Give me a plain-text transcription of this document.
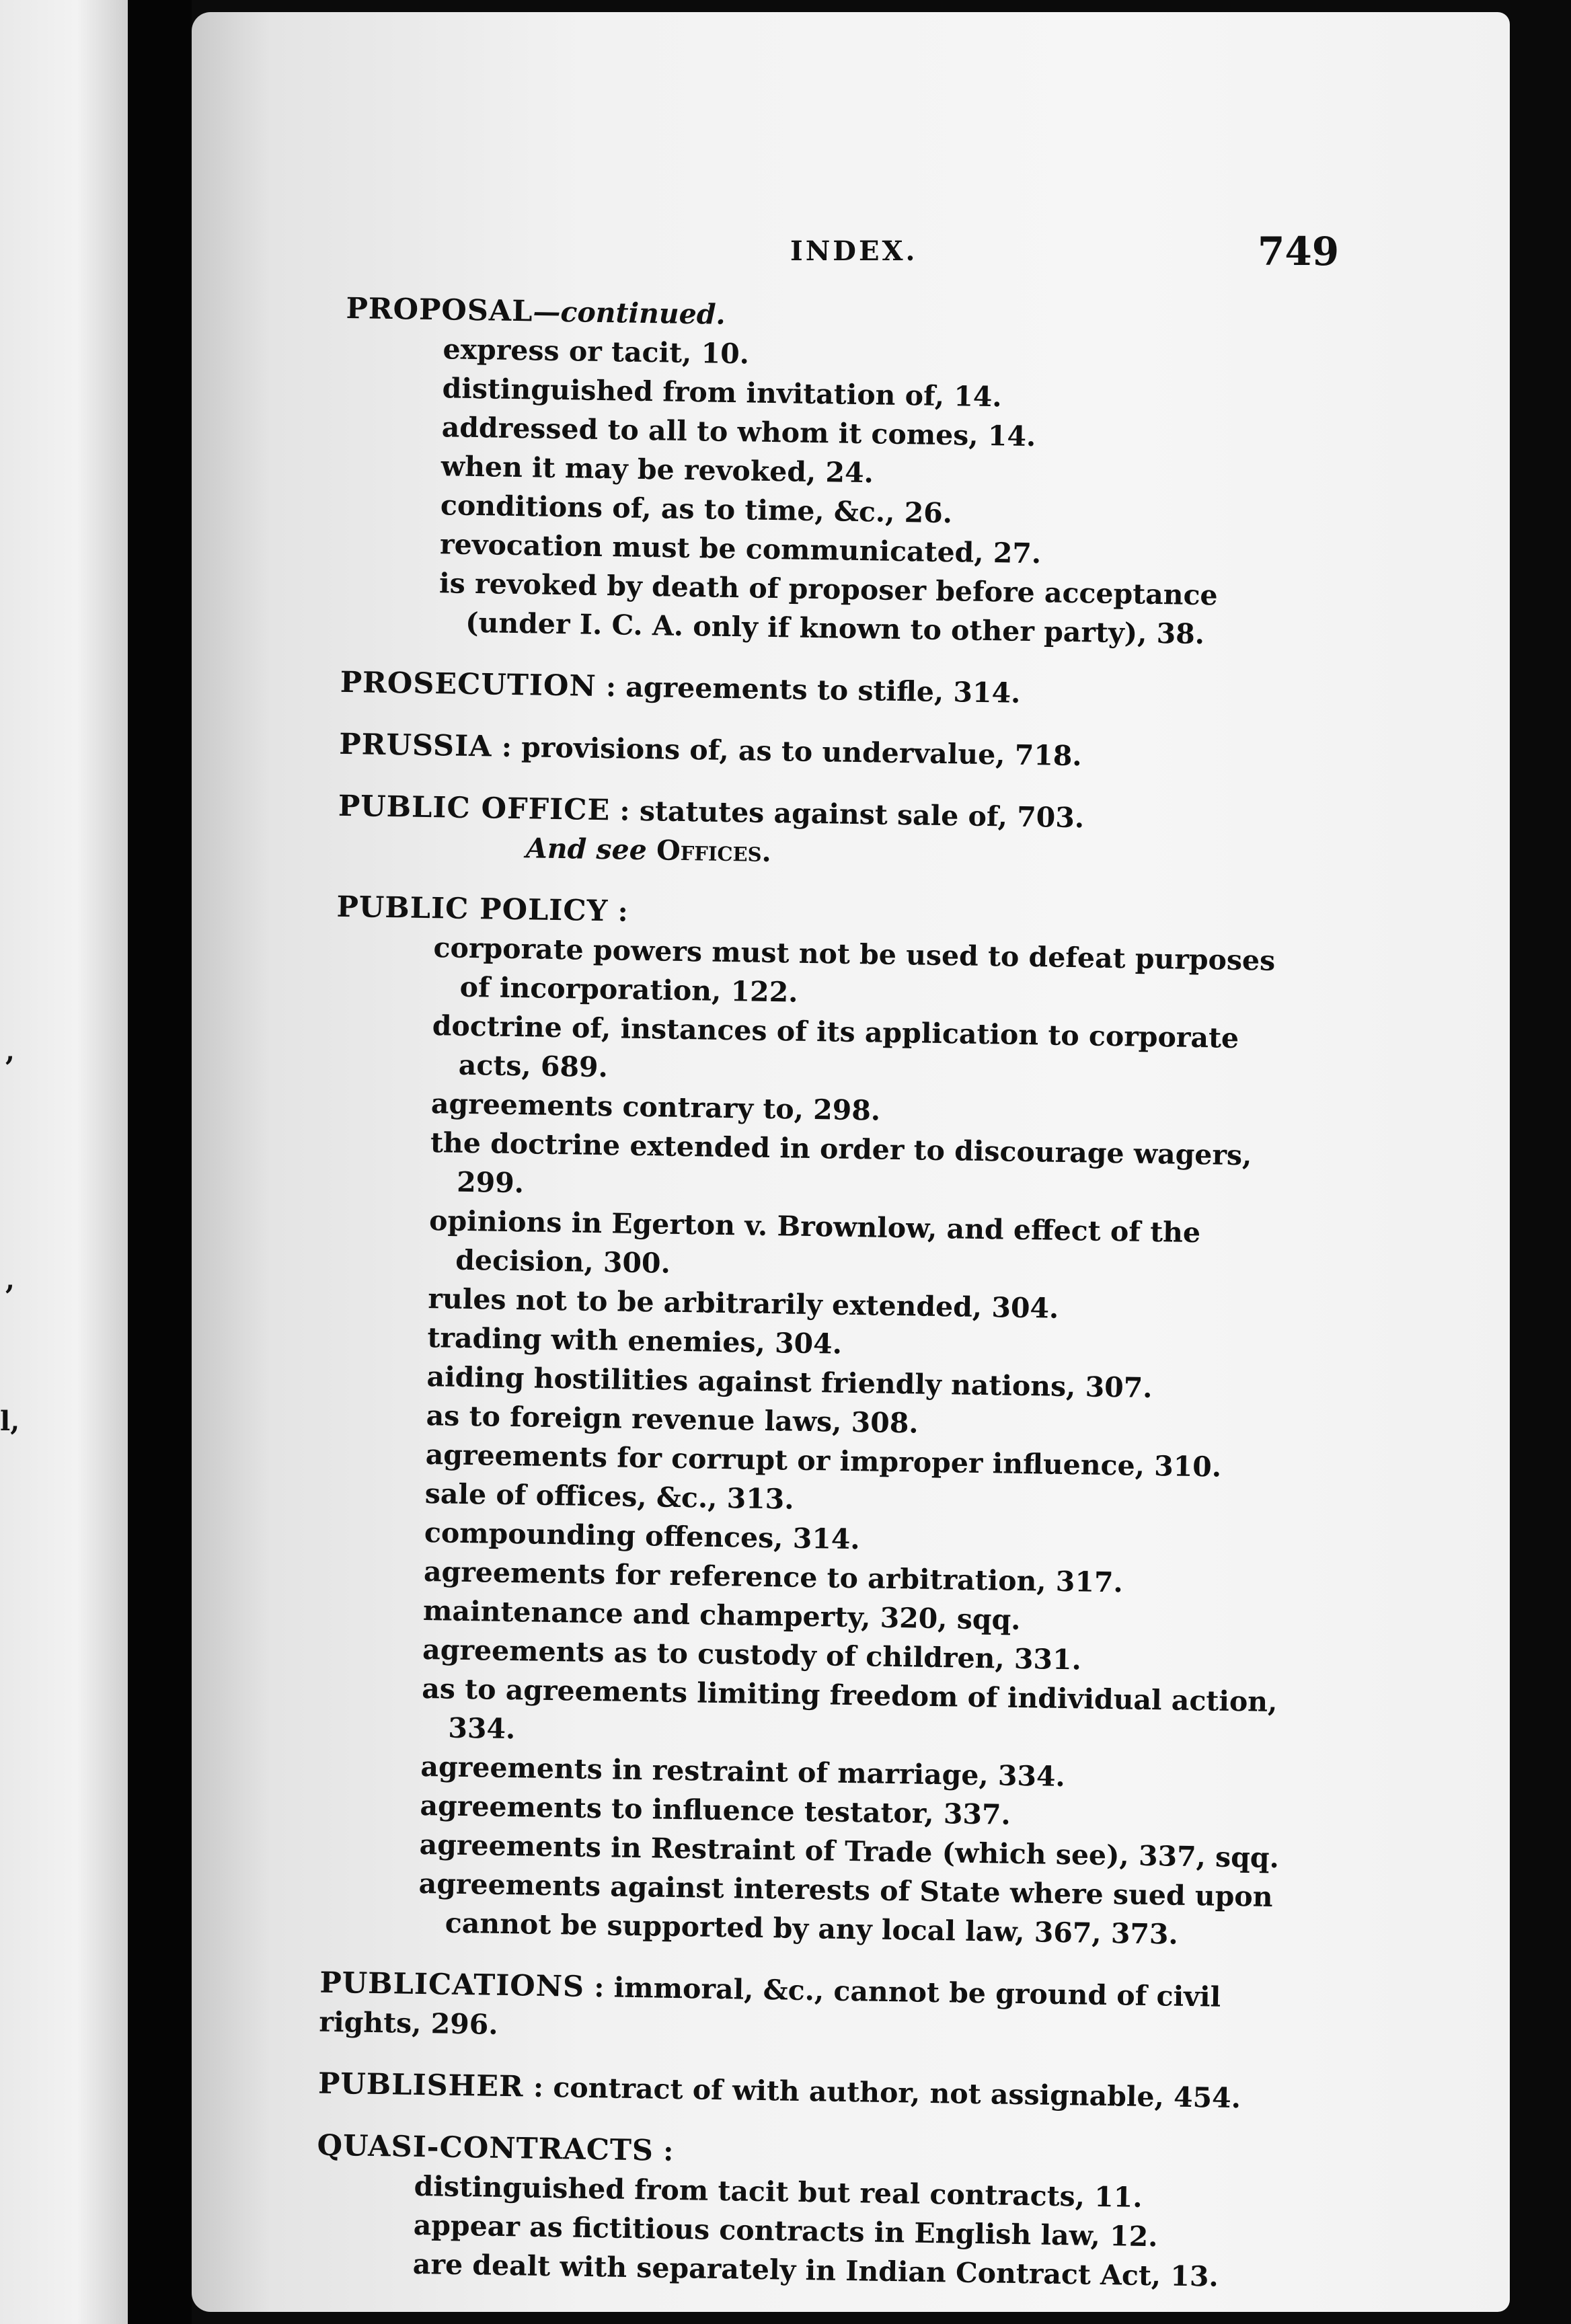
,
,
l,
INDEX.	749
PROPOSAL—continued.
express or tacit, 10.
distinguished from invitation of, 14.
addressed to all to whom it comes, 14.
when it may be revoked, 24.
conditions of, as to time, &c., 26.
revocation must be communicated, 27.
is revoked by death of proposer before acceptance (under I. C. A. only if known to other party), 38.
PROSECUTION : agreements to stifle, 314.
PRUSSIA : provisions of, as to undervalue, 718.
PUBLIC OFFICE : statutes against sale of, 703.
And see Offices.
PUBLIC POLICY :
corporate powers must not be used to defeat purposes of incorporation, 122.
doctrine of, instances of its application to corporate acts, 689.
agreements contrary to, 298.
the doctrine extended in order to discourage wagers, 299.
opinions in Egerton v. Brownlow, and effect of the decision, 300.
rules not to be arbitrarily extended, 304.
trading with enemies, 304.
aiding hostilities against friendly nations, 307.
as to foreign revenue laws, 308.
agreements for corrupt or improper influence, 310.
sale of offices, &c., 313.
compounding offences, 314.
agreements for reference to arbitration, 317.
maintenance and champerty, 320, sqq.
agreements as to custody of children, 331.
as to agreements limiting freedom of individual action, 334.
agreements in restraint of marriage, 334.
agreements to influence testator, 337.
agreements in Restraint of Trade (which see), 337, sqq.
agreements against interests of State where sued upon cannot be supported by any local law, 367, 373.
PUBLICATIONS : immoral, &c., cannot be ground of civil rights, 296.
PUBLISHER : contract of with author, not assignable, 454.
QUASI-CONTRACTS :
distinguished from tacit but real contracts, 11.
appear as fictitious contracts in English law, 12.
are dealt with separately in Indian Contract Act, 13.
